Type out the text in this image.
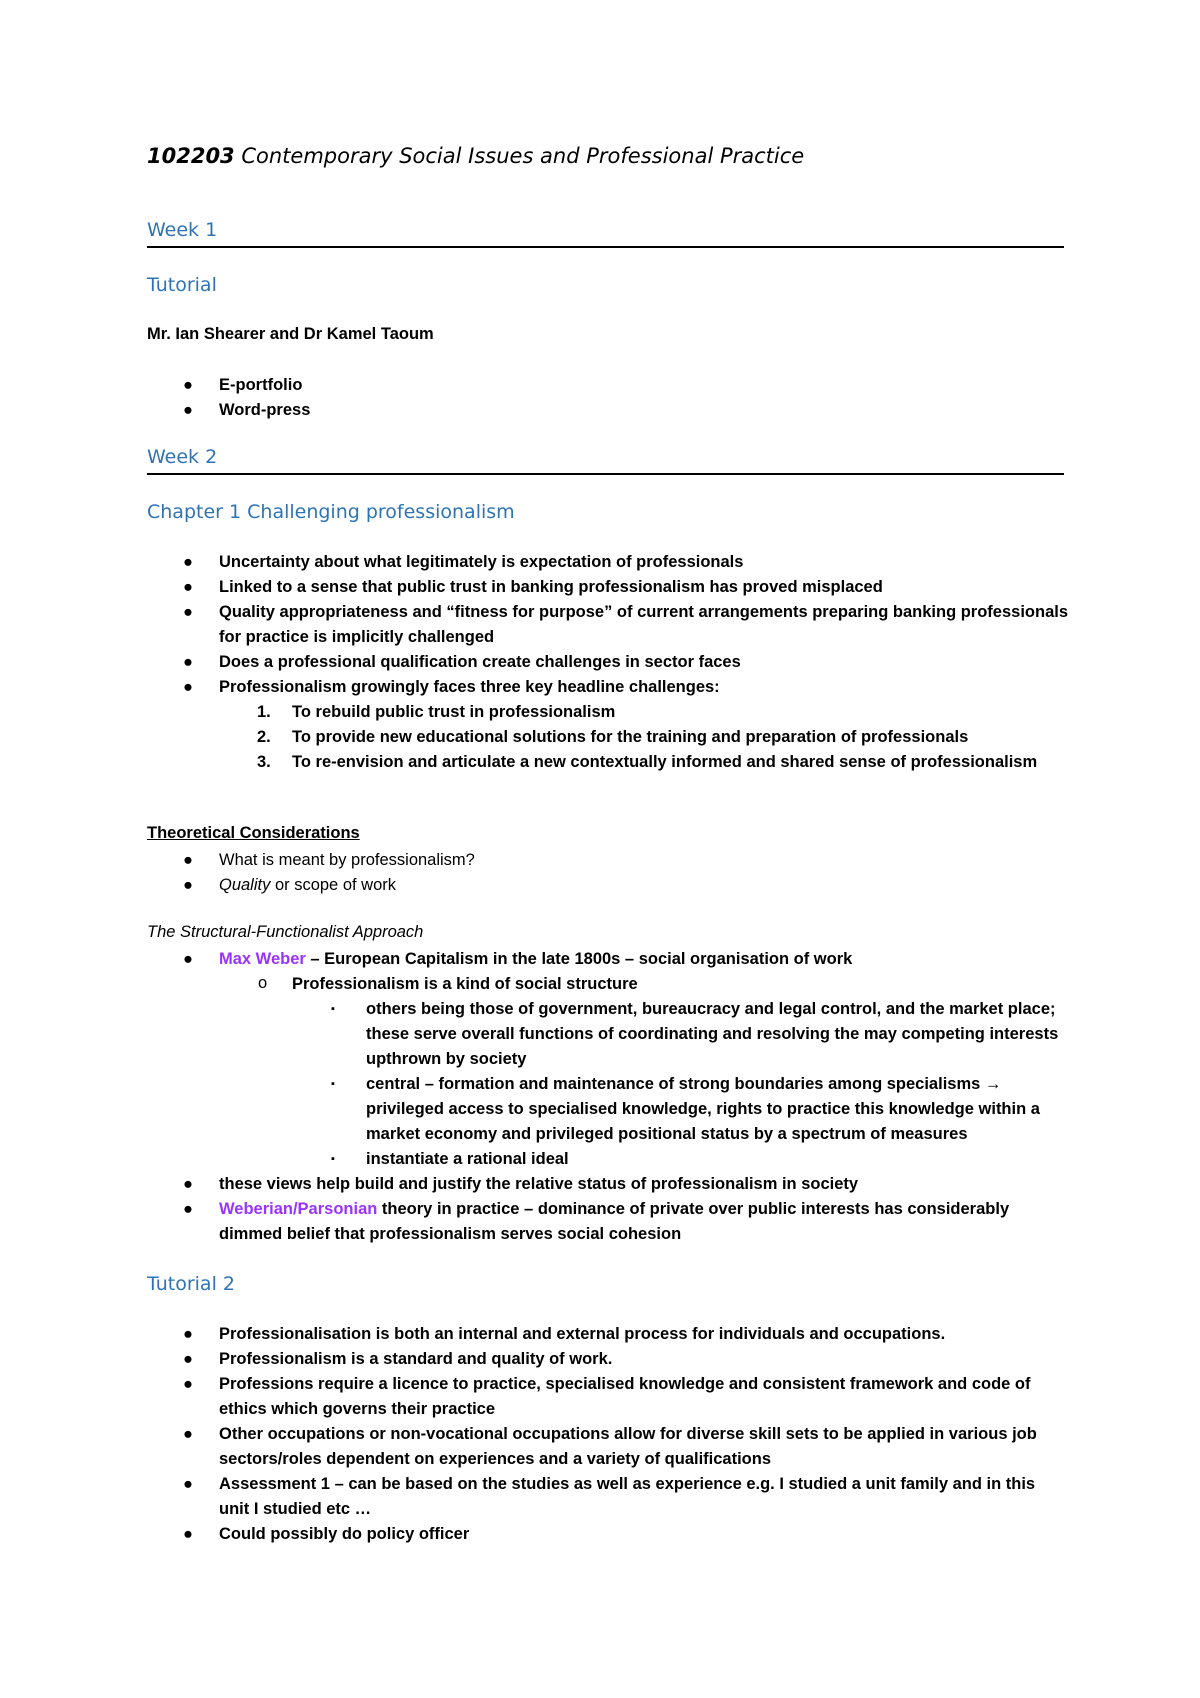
102203 Contemporary Social Issues and Professional Practice
Week 1
Tutorial

Mr. Ian Shearer and Dr Kamel Taoum

● E-portfolio
● Word-press
Week 2
Chapter 1 Challenging professionalism
● Uncertainty about what legitimately is expectation of professionals
● Linked to a sense that public trust in banking professionalism has proved misplaced
● Quality appropriateness and “fitness for purpose” of current arrangements preparing banking professionals for practice is implicitly challenged
● Does a professional qualification create challenges in sector faces
● Professionalism growingly faces three key headline challenges:
1. To rebuild public trust in professionalism
2. To provide new educational solutions for the training and preparation of professionals
3. To re-envision and articulate a new contextually informed and shared sense of professionalism

Theoretical Considerations

● What is meant by professionalism?
● Quality or scope of work

The Structural-Functionalist Approach

● Max Weber – European Capitalism in the late 1800s – social organisation of work
o Professionalism is a kind of social structure
▪ others being those of government, bureaucracy and legal control, and the market place; these serve overall functions of coordinating and resolving the may competing interests upthrown by society
▪ central – formation and maintenance of strong boundaries among specialisms → privileged access to specialised knowledge, rights to practice this knowledge within a market economy and privileged positional status by a spectrum of measures
▪ instantiate a rational ideal
● these views help build and justify the relative status of professionalism in society
● Weberian/Parsonian theory in practice – dominance of private over public interests has considerably dimmed belief that professionalism serves social cohesion
Tutorial 2
● Professionalisation is both an internal and external process for individuals and occupations.
● Professionalism is a standard and quality of work.
● Professions require a licence to practice, specialised knowledge and consistent framework and code of ethics which governs their practice
● Other occupations or non-vocational occupations allow for diverse skill sets to be applied in various job sectors/roles dependent on experiences and a variety of qualifications
● Assessment 1 – can be based on the studies as well as experience e.g. I studied a unit family and in this unit I studied etc …
● Could possibly do policy officer
